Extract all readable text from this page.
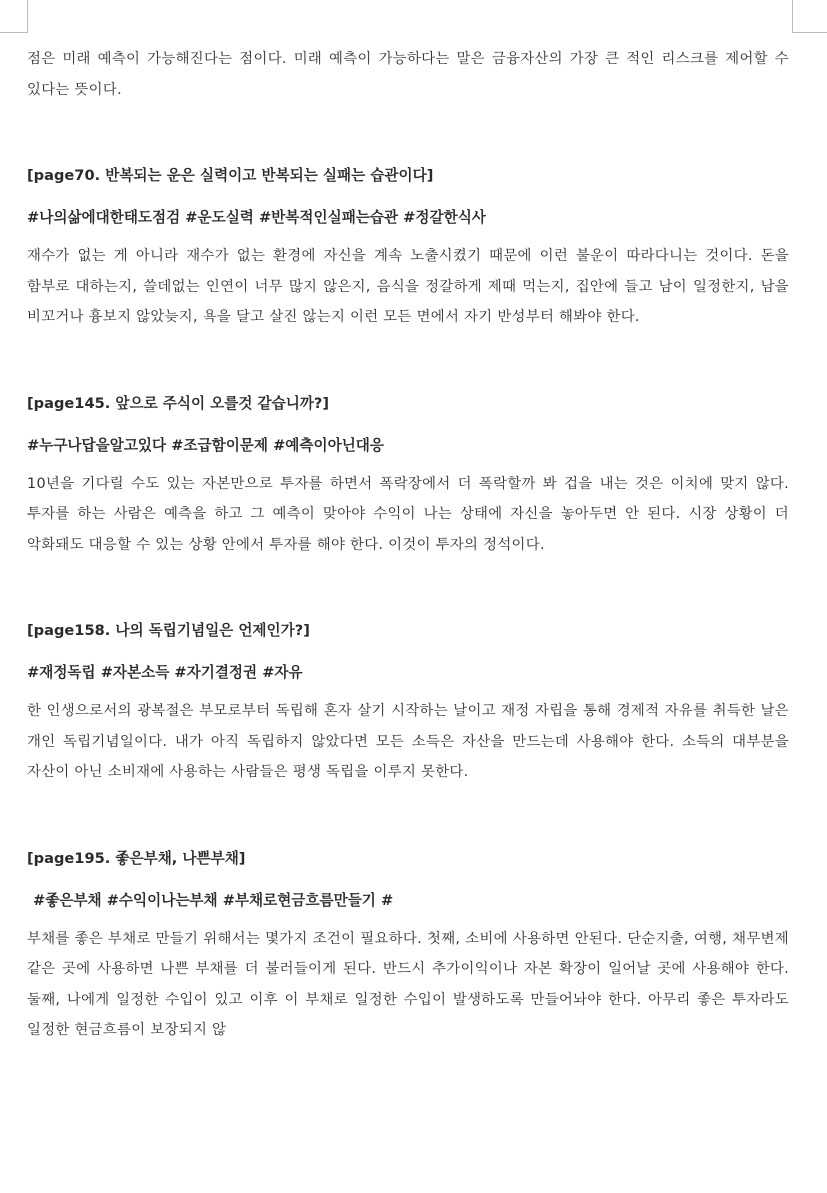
점은 미래 예측이 가능해진다는 점이다. 미래 예측이 가능하다는 말은 금융자산의 가장 큰 적인 리스크를 제어할 수 있다는 뜻이다.

[page70. 반복되는 운은 실력이고 반복되는 실패는 습관이다]

#나의삶에대한태도점검 #운도실력 #반복적인실패는습관 #정갈한식사

재수가 없는 게 아니라 재수가 없는 환경에 자신을 계속 노출시켰기 때문에 이런 불운이 따라다니는 것이다. 돈을 함부로 대하는지, 쓸데없는 인연이 너무 많지 않은지, 음식을 정갈하게 제때 먹는지, 집안에 들고 남이 일정한지, 남을 비꼬거나 흉보지 않았늦지, 욕을 달고 살진 않는지 이런 모든 면에서 자기 반성부터 해봐야 한다.

[page145. 앞으로 주식이 오를것 같습니까?]

#누구나답을알고있다 #조급함이문제 #예측이아닌대응

10년을 기다릴 수도 있는 자본만으로 투자를 하면서 폭락장에서 더 폭락할까 봐 겁을 내는 것은 이치에 맞지 않다. 투자를 하는 사람은 예측을 하고 그 예측이 맞아야 수익이 나는 상태에 자신을 놓아두면 안 된다. 시장 상황이 더 악화돼도 대응할 수 있는 상황 안에서 투자를 해야 한다. 이것이 투자의 정석이다.

[page158. 나의 독립기념일은 언제인가?]

#재정독립 #자본소득 #자기결정권 #자유

한 인생으로서의 광복절은 부모로부터 독립해 혼자 살기 시작하는 날이고 재정 자립을 통해 경제적 자유를 취득한 날은 개인 독립기념일이다. 내가 아직 독립하지 않았다면 모든 소득은 자산을 만드는데 사용해야 한다. 소득의 대부분을 자산이 아닌 소비재에 사용하는 사람들은 평생 독립을 이루지 못한다.

[page195. 좋은부채, 나쁜부채]

#좋은부채 #수익이나는부채 #부채로현금흐름만들기 #

부채를 좋은 부채로 만들기 위해서는 몇가지 조건이 필요하다. 첫째, 소비에 사용하면 안된다. 단순지출, 여행, 채무변제 같은 곳에 사용하면 나쁜 부채를 더 불러들이게 된다. 반드시 추가이익이나 자본 확장이 일어날 곳에 사용해야 한다. 둘째, 나에게 일정한 수입이 있고 이후 이 부채로 일정한 수입이 발생하도록 만들어놔야 한다. 아무리 좋은 투자라도 일정한 현금흐름이 보장되지 않
